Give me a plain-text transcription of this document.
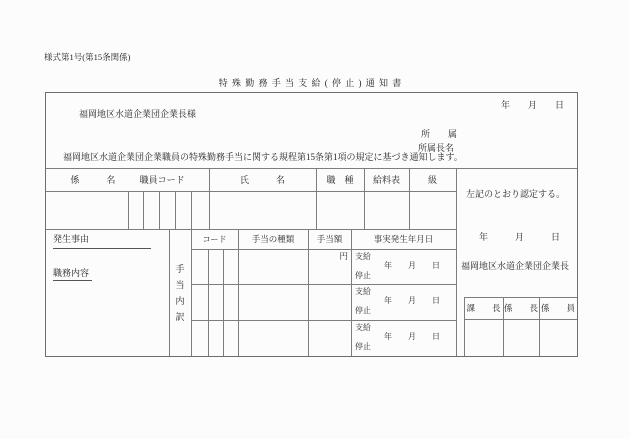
様式第1号(第15条関係)
特 殊 勤 務 手 当 支 給 ( 停 止 ) 通 知 書
年　　月　　日
福岡地区水道企業団企業長様
所　　属
所属長名
福岡地区水道企業団企業職員の特殊勤務手当に関する規程第15条第1項の規定に基づき通知します。
係　　　名	職員コード	氏　　　名	職　種	給料表	級
発生事由
職務内容	手当内訳
コード	手当の種類	手当額	事実発生年月日
円 支給
年　　月　　日
停止
支給
年　　月　　日
停止
支給
年　　月　　日
停止
左記のとおり認定する。
年　　　月　　　日
福岡地区水道企業団企業長
課　　長 係　　長 係　　員
